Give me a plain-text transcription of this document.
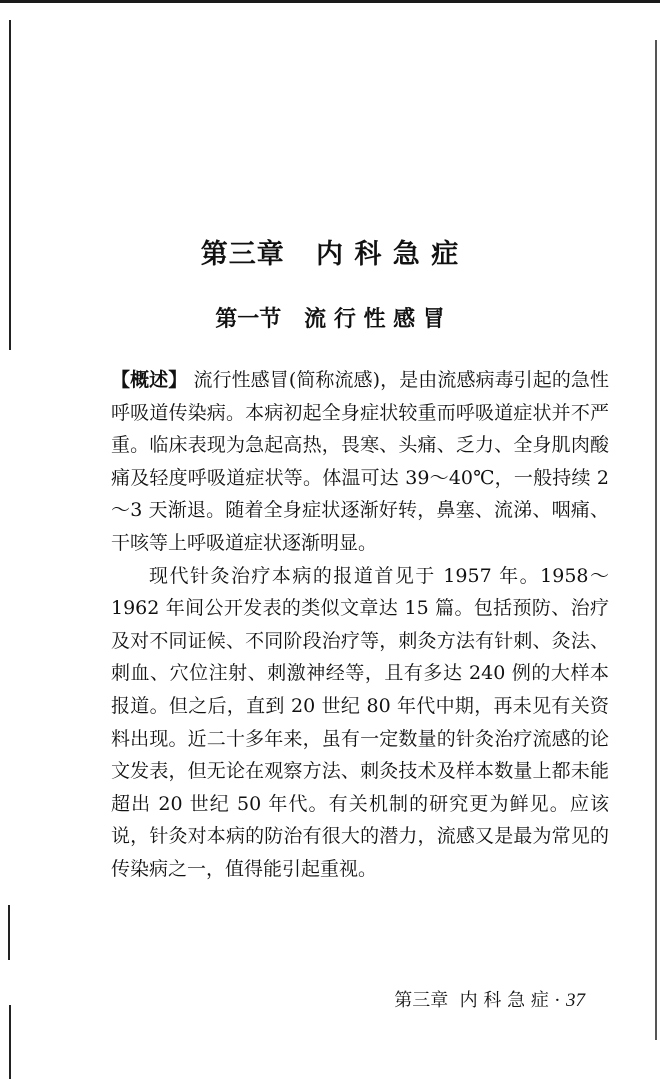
第三章   内 科 急 症
第一节   流 行 性 感 冒

【概述】 流行性感冒(简称流感)，是由流感病毒引起的急性呼吸道传染病。本病初起全身症状较重而呼吸道症状并不严重。临床表现为急起高热，畏寒、头痛、乏力、全身肌肉酸痛及轻度呼吸道症状等。体温可达 39～40℃，一般持续 2～3 天渐退。随着全身症状逐渐好转，鼻塞、流涕、咽痛、干咳等上呼吸道症状逐渐明显。

现代针灸治疗本病的报道首见于 1957 年。1958～1962 年间公开发表的类似文章达 15 篇。包括预防、治疗及对不同证候、不同阶段治疗等，刺灸方法有针刺、灸法、刺血、穴位注射、刺激神经等，且有多达 240 例的大样本报道。但之后，直到 20 世纪 80 年代中期，再未见有关资料出现。近二十多年来，虽有一定数量的针灸治疗流感的论文发表，但无论在观察方法、刺灸技术及样本数量上都未能超出 20 世纪 50 年代。有关机制的研究更为鲜见。应该说，针灸对本病的防治有很大的潜力，流感又是最为常见的传染病之一，值得能引起重视。

第三章  内 科 急 症 · 37
